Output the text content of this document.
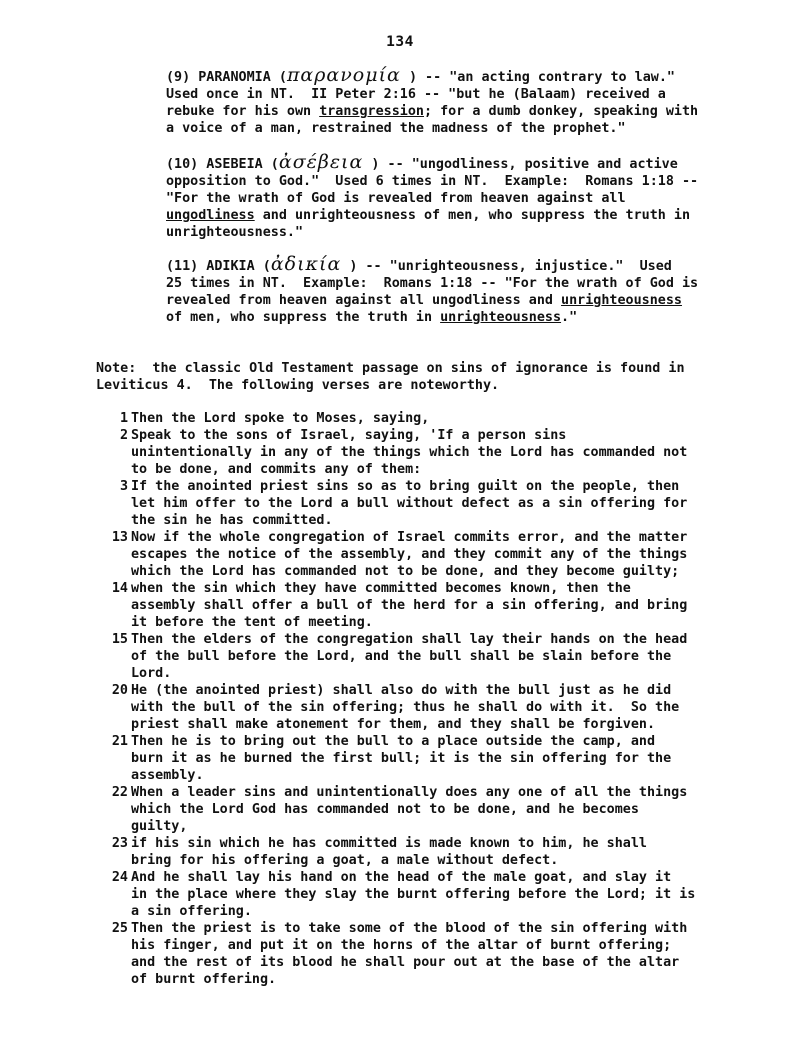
134
(9) PARANOMIA (παρανομία ) -- "an acting contrary to law."
Used once in NT.  II Peter 2:16 -- "but he (Balaam) received a
rebuke for his own transgression; for a dumb donkey, speaking with
a voice of a man, restrained the madness of the prophet."
(10) ASEBEIA (ἀσέβεια ) -- "ungodliness, positive and active
opposition to God."  Used 6 times in NT.  Example:  Romans 1:18 --
"For the wrath of God is revealed from heaven against all
ungodliness and unrighteousness of men, who suppress the truth in
unrighteousness."
(11) ADIKIA (ἀδικία ) -- "unrighteousness, injustice."  Used
25 times in NT.  Example:  Romans 1:18 -- "For the wrath of God is
revealed from heaven against all ungodliness and unrighteousness
of men, who suppress the truth in unrighteousness."
Note:  the classic Old Testament passage on sins of ignorance is found in
Leviticus 4.  The following verses are noteworthy.
1 Then the Lord spoke to Moses, saying,
2 Speak to the sons of Israel, saying, 'If a person sins
unintentionally in any of the things which the Lord has commanded not
to be done, and commits any of them:
3 If the anointed priest sins so as to bring guilt on the people, then
let him offer to the Lord a bull without defect as a sin offering for
the sin he has committed.
13 Now if the whole congregation of Israel commits error, and the matter
escapes the notice of the assembly, and they commit any of the things
which the Lord has commanded not to be done, and they become guilty;
14 when the sin which they have committed becomes known, then the
assembly shall offer a bull of the herd for a sin offering, and bring
it before the tent of meeting.
15 Then the elders of the congregation shall lay their hands on the head
of the bull before the Lord, and the bull shall be slain before the
Lord.
20 He (the anointed priest) shall also do with the bull just as he did
with the bull of the sin offering; thus he shall do with it.  So the
priest shall make atonement for them, and they shall be forgiven.
21 Then he is to bring out the bull to a place outside the camp, and
burn it as he burned the first bull; it is the sin offering for the
assembly.
22 When a leader sins and unintentionally does any one of all the things
which the Lord God has commanded not to be done, and he becomes
guilty,
23 if his sin which he has committed is made known to him, he shall
bring for his offering a goat, a male without defect.
24 And he shall lay his hand on the head of the male goat, and slay it
in the place where they slay the burnt offering before the Lord; it is
a sin offering.
25 Then the priest is to take some of the blood of the sin offering with
his finger, and put it on the horns of the altar of burnt offering;
and the rest of its blood he shall pour out at the base of the altar
of burnt offering.
